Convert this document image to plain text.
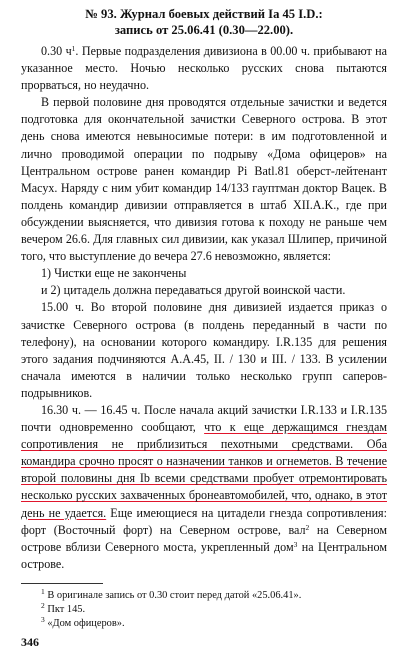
№ 93. Журнал боевых действий Ia 45 I.D.:
запись от 25.06.41 (0.30—22.00).

0.30 $ч^1$. Первые подразделения дивизиона в 00.00 ч. прибывают на указанное место. Ночью несколько русских снова пытаются прорваться, но неудачно.

В первой половине дня проводятся отдельные зачистки и ведется подготовка для окончательной зачистки Северного острова. В этот день снова имеются невыносимые потери: в им подготовленной и лично проводимой операции по подрыву «Дома офицеров» на Центральном острове ранен командир Pi Batl.81 оберст-лейтенант Масух. Наряду с ним убит командир 14/133 гауптман доктор Вацек. В полдень командир дивизии отправляется в штаб XII.A.K., где при обсуждении выясняется, что дивизия готова к походу не раньше чем вечером 26.6. Для главных сил дивизии, как указал Шлипер, причиной того, что выступление до вечера 27.6 невозможно, является:

1) Чистки еще не закончены

и 2) цитадель должна передаваться другой воинской части.

15.00 ч. Во второй половине дня дивизией издается приказ о зачистке Северного острова (в полдень переданный в части по телефону), на основании которого командиру. I.R.135 для решения этого задания подчиняются A.A.45, II. / 130 и III. / 133. В усилении сначала имеются в наличии только несколько групп саперов-подрывников.

16.30 ч. — 16.45 ч. После начала акций зачистки I.R.133 и I.R.135 почти одновременно сообщают, что к еще держащимся гнездам сопротивления не приблизиться пехотными средствами. Оба командира срочно просят о назначении танков и огнеметов. В течение второй половины дня Ib всеми средствами пробует отремонтировать несколько русских захваченных бронеавтомобилей, что, однако, в этот день не удается. Еще имеющиеся на цитадели гнезда сопротивления: форт (Восточный форт) на Северном острове, вал$^2$ на Северном острове вблизи Северного моста, укрепленный дом$^3$ на Центральном острове.

$^1$ В оригинале запись от 0.30 стоит перед датой «25.06.41».
$^2$ Пкт 145.
$^3$ «Дом офицеров».
346
